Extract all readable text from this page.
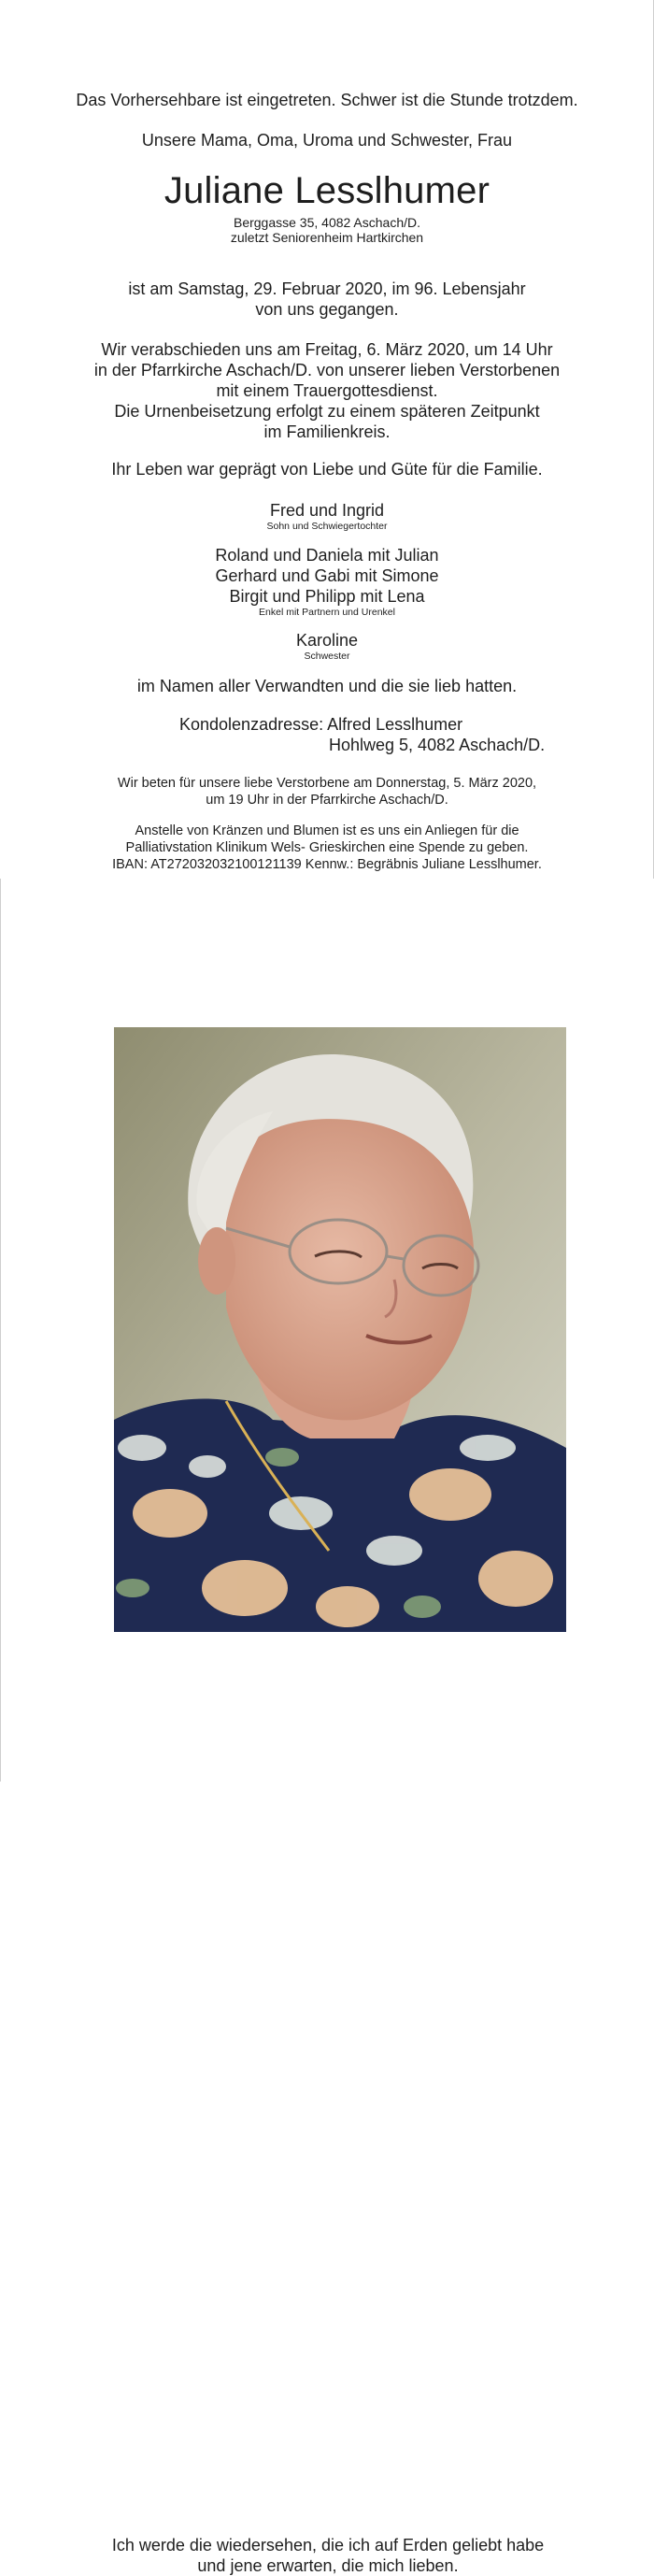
Das Vorhersehbare ist eingetreten. Schwer ist die Stunde trotzdem.
Unsere Mama, Oma, Uroma und Schwester, Frau
Juliane Lesslhumer
Berggasse 35, 4082 Aschach/D.
zuletzt Seniorenheim Hartkirchen
ist am Samstag, 29. Februar 2020, im 96. Lebensjahr
von uns gegangen.
Wir verabschieden uns am Freitag, 6. März 2020, um 14 Uhr
in der Pfarrkirche Aschach/D. von unserer lieben Verstorbenen
mit einem Trauergottesdienst.
Die Urnenbeisetzung erfolgt zu einem späteren Zeitpunkt
im Familienkreis.
Ihr Leben war geprägt von Liebe und Güte für die Familie.
Fred und Ingrid
Sohn und Schwiegertochter
Roland und Daniela mit Julian
Gerhard und Gabi mit Simone
Birgit und Philipp mit Lena
Enkel mit Partnern und Urenkel
Karoline
Schwester
im Namen aller Verwandten und die sie lieb hatten.
Kondolenzadresse: Alfred Lesslhumer
Hohlweg 5, 4082 Aschach/D.
Wir beten für unsere liebe Verstorbene am Donnerstag, 5. März 2020,
um 19 Uhr in der Pfarrkirche Aschach/D.
Anstelle von Kränzen und Blumen ist es uns ein Anliegen für die
Palliativstation Klinikum Wels- Grieskirchen eine Spende zu geben.
IBAN: AT272032032100121139 Kennw.: Begräbnis Juliane Lesslhumer.
Ich werde die wiedersehen, die ich auf Erden geliebt habe
und jene erwarten, die mich lieben.
